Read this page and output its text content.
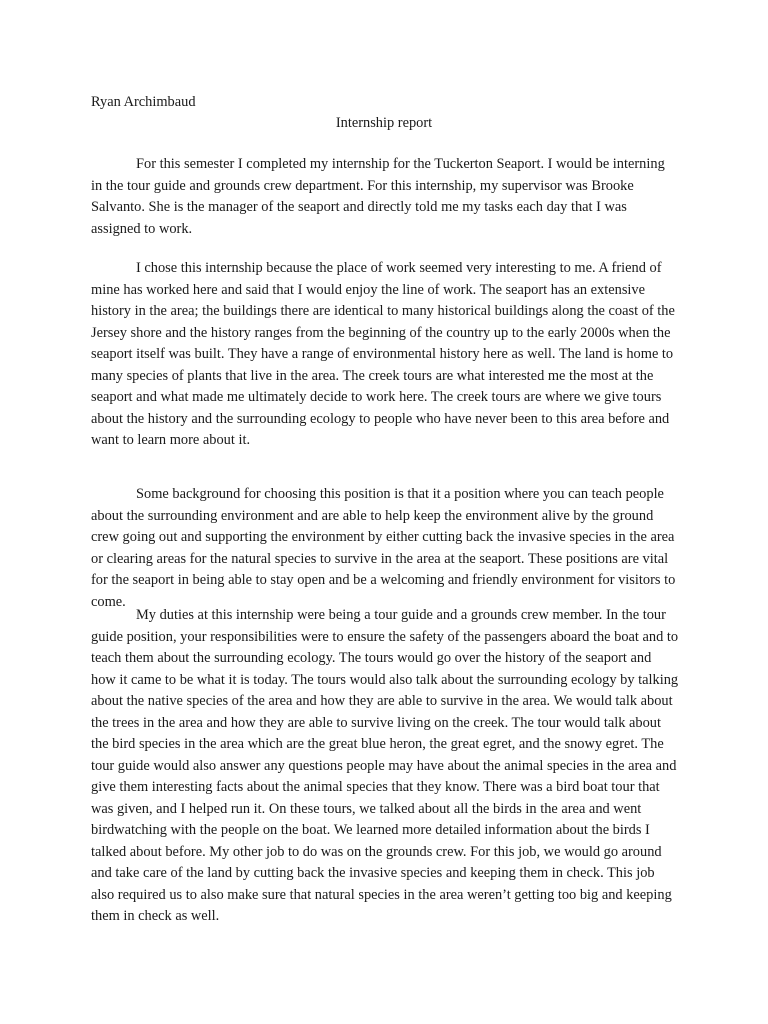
Ryan Archimbaud

Internship report

For this semester I completed my internship for the Tuckerton Seaport. I would be interning in the tour guide and grounds crew department. For this internship, my supervisor was Brooke Salvanto. She is the manager of the seaport and directly told me my tasks each day that I was assigned to work.

I chose this internship because the place of work seemed very interesting to me. A friend of mine has worked here and said that I would enjoy the line of work. The seaport has an extensive history in the area; the buildings there are identical to many historical buildings along the coast of the Jersey shore and the history ranges from the beginning of the country up to the early 2000s when the seaport itself was built. They have a range of environmental history here as well. The land is home to many species of plants that live in the area. The creek tours are what interested me the most at the seaport and what made me ultimately decide to work here. The creek tours are where we give tours about the history and the surrounding ecology to people who have never been to this area before and want to learn more about it.

Some background for choosing this position is that it a position where you can teach people about the surrounding environment and are able to help keep the environment alive by the ground crew going out and supporting the environment by either cutting back the invasive species in the area or clearing areas for the natural species to survive in the area at the seaport. These positions are vital for the seaport in being able to stay open and be a welcoming and friendly environment for visitors to come.

My duties at this internship were being a tour guide and a grounds crew member. In the tour guide position, your responsibilities were to ensure the safety of the passengers aboard the boat and to teach them about the surrounding ecology. The tours would go over the history of the seaport and how it came to be what it is today. The tours would also talk about the surrounding ecology by talking about the native species of the area and how they are able to survive in the area. We would talk about the trees in the area and how they are able to survive living on the creek. The tour would talk about the bird species in the area which are the great blue heron, the great egret, and the snowy egret. The tour guide would also answer any questions people may have about the animal species in the area and give them interesting facts about the animal species that they know. There was a bird boat tour that was given, and I helped run it. On these tours, we talked about all the birds in the area and went birdwatching with the people on the boat. We learned more detailed information about the birds I talked about before. My other job to do was on the grounds crew. For this job, we would go around and take care of the land by cutting back the invasive species and keeping them in check. This job also required us to also make sure that natural species in the area weren’t getting too big and keeping them in check as well.
